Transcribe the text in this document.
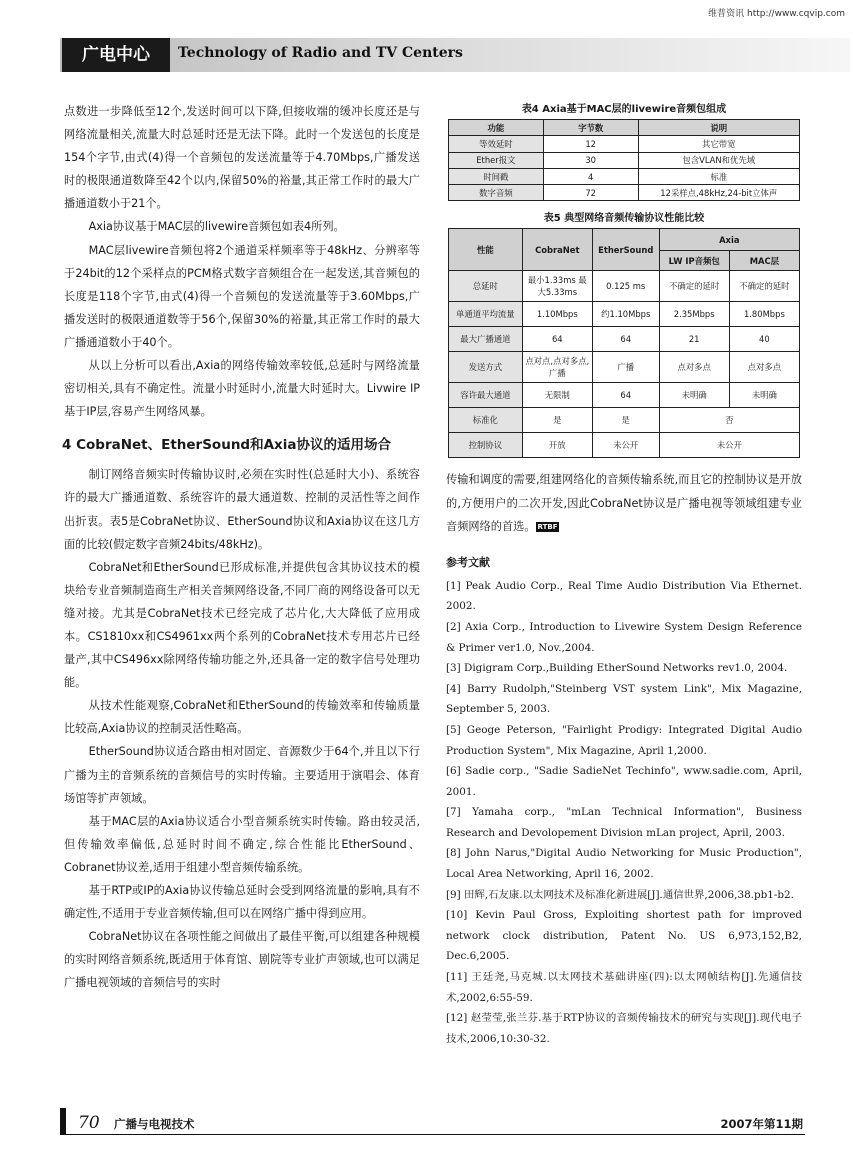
维普资讯 http://www.cqvip.com
广电中心	Technology of Radio and TV Centers

点数进一步降低至12个,发送时间可以下降,但接收端的缓冲长度还是与网络流量相关,流量大时总延时还是无法下降。此时一个发送包的长度是154个字节,由式(4)得一个音频包的发送流量等于4.70Mbps,广播发送时的极限通道数降至42个以内,保留50%的裕量,其正常工作时的最大广播通道数小于21个。

Axia协议基于MAC层的livewire音频包如表4所列。

MAC层livewire音频包将2个通道采样频率等于48kHz、分辨率等于24bit的12个采样点的PCM格式数字音频组合在一起发送,其音频包的长度是118个字节,由式(4)得一个音频包的发送流量等于3.60Mbps,广播发送时的极限通道数等于56个,保留30%的裕量,其正常工作时的最大广播通道数小于40个。

从以上分析可以看出,Axia的网络传输效率较低,总延时与网络流量密切相关,具有不确定性。流量小时延时小,流量大时延时大。Livwire IP基于IP层,容易产生网络风暴。

4 CobraNet、EtherSound和Axia协议的适用场合

制订网络音频实时传输协议时,必须在实时性(总延时大小)、系统容许的最大广播通道数、系统容许的最大通道数、控制的灵活性等之间作出折衷。表5是CobraNet协议、EtherSound协议和Axia协议在这几方面的比较(假定数字音频24bits/48kHz)。

CobraNet和EtherSound已形成标准,并提供包含其协议技术的模块给专业音频制造商生产相关音频网络设备,不同厂商的网络设备可以无缝对接。尤其是CobraNet技术已经完成了芯片化,大大降低了应用成本。CS1810xx和CS4961xx两个系列的CobraNet技术专用芯片已经量产,其中CS496xx除网络传输功能之外,还具备一定的数字信号处理功能。

从技术性能观察,CobraNet和EtherSound的传输效率和传输质量比较高,Axia协议的控制灵活性略高。

EtherSound协议适合路由相对固定、音源数少于64个,并且以下行广播为主的音频系统的音频信号的实时传输。主要适用于演唱会、体育场馆等扩声领域。

基于MAC层的Axia协议适合小型音频系统实时传输。路由较灵活,但传输效率偏低,总延时时间不确定,综合性能比EtherSound、Cobranet协议差,适用于组建小型音频传输系统。

基于RTP或IP的Axia协议传输总延时会受到网络流量的影响,具有不确定性,不适用于专业音频传输,但可以在网络广播中得到应用。

CobraNet协议在各项性能之间做出了最佳平衡,可以组建各种规模的实时网络音频系统,既适用于体育馆、剧院等专业扩声领域,也可以满足广播电视领域的音频信号的实时

表4 Axia基于MAC层的livewire音频包组成
功能	字节数	说明
等效延时	12	其它带宽
Ether报文	30	包含VLAN和优先域
时间戳	4	标准
数字音频	72	12采样点,48kHz,24-bit立体声
表5 典型网络音频传输协议性能比较
性能	CobraNet	EtherSound	Axia	
			LW IP音频包	MAC层
总延时	最小1.33ms 最大5.33ms	0.125 ms	不确定的延时	不确定的延时
单通道平均流量	1.10Mbps	约1.10Mbps	2.35Mbps	1.80Mbps
最大广播通道	64	64	21	40
发送方式	点对点,点对多点,广播	广播	点对多点	点对多点
容许最大通道	无限制	64	未明确	未明确
标准化	是	是	否	
控制协议	开放	未公开	未公开	

传输和调度的需要,组建网络化的音频传输系统,而且它的控制协议是开放的,方便用户的二次开发,因此CobraNet协议是广播电视等领域组建专业音频网络的首选。 RTBF

参考文献

[1] Peak Audio Corp., Real Time Audio Distribution Via Ethernet. 2002.

[2] Axia Corp., Introduction to Livewire System Design Reference & Primer ver1.0, Nov.,2004.

[3] Digigram Corp.,Building EtherSound Networks rev1.0, 2004.

[4] Barry Rudolph,"Steinberg VST system Link", Mix Magazine, September 5, 2003.

[5] Geoge Peterson, "Fairlight Prodigy: Integrated Digital Audio Production System", Mix Magazine, April 1,2000.

[6] Sadie corp., "Sadie SadieNet Techinfo", www.sadie.com, April, 2001.

[7] Yamaha corp., "mLan Technical Information", Business Research and Devolopement Division mLan project, April, 2003.

[8] John Narus,"Digital Audio Networking for Music Production", Local Area Networking, April 16, 2002.

[9] 田辉,石友康.以太网技术及标准化新进展[J].通信世界,2006,38.pb1-b2.

[10] Kevin Paul Gross, Exploiting shortest path for improved network clock distribution, Patent No. US 6,973,152,B2, Dec.6,2005.

[11] 王廷尧,马克城.以太网技术基础讲座(四):以太网帧结构[J].先通信技术,2002,6:55-59.

[12] 赵莹莹,张兰芬.基于RTP协议的音频传输技术的研究与实现[J].现代电子技术,2006,10:30-32.

70 广播与电视技术	2007年第11期
